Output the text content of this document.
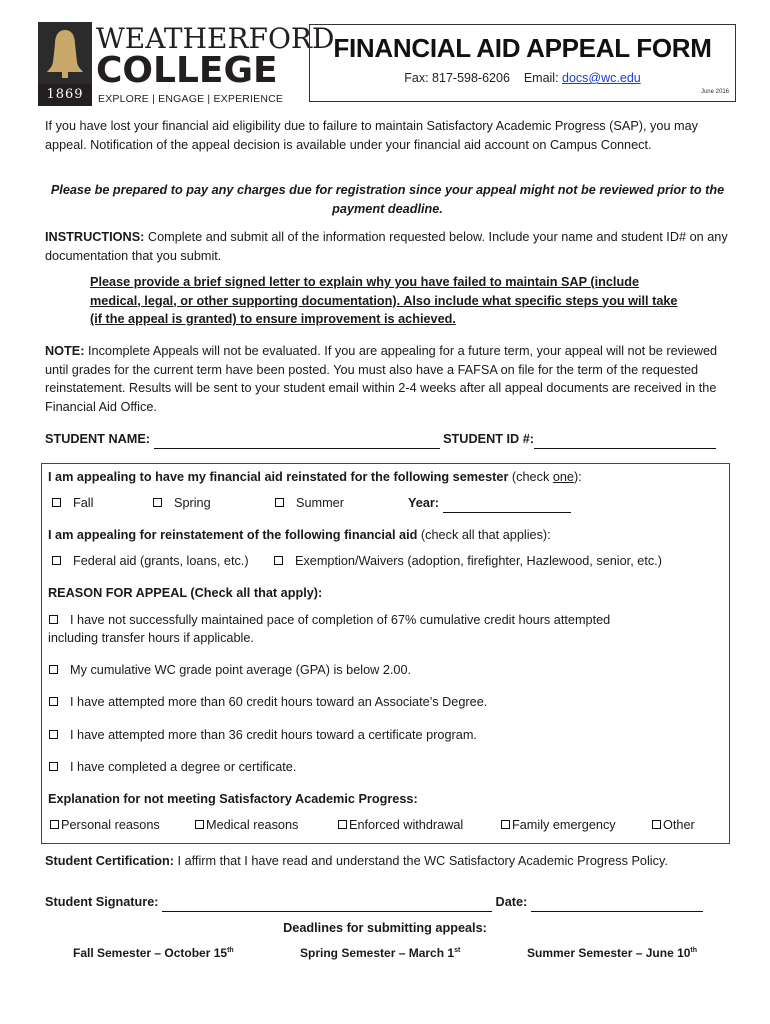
1869
WEATHERFORD
COLLEGE
EXPLORE | ENGAGE | EXPERIENCE
FINANCIAL AID APPEAL FORM
Fax: 817-598-6206 Email: docs@wc.edu
June 2016
If you have lost your financial aid eligibility due to failure to maintain Satisfactory Academic Progress (SAP), you may appeal. Notification of the appeal decision is available under your financial aid account on Campus Connect.
Please be prepared to pay any charges due for registration since your appeal might not be reviewed prior to the payment deadline.
INSTRUCTIONS: Complete and submit all of the information requested below. Include your name and student ID# on any documentation that you submit.
Please provide a brief signed letter to explain why you have failed to maintain SAP (include medical, legal, or other supporting documentation). Also include what specific steps you will take (if the appeal is granted) to ensure improvement is achieved.
NOTE: Incomplete Appeals will not be evaluated. If you are appealing for a future term, your appeal will not be reviewed until grades for the current term have been posted. You must also have a FAFSA on file for the term of the requested reinstatement. Results will be sent to your student email within 2-4 weeks after all appeal documents are received in the Financial Aid Office.
STUDENT NAME:	STUDENT ID #:
I am appealing to have my financial aid reinstated for the following semester (check one):
Fall	Spring	Summer	Year:
I am appealing for reinstatement of the following financial aid (check all that applies):
Federal aid (grants, loans, etc.)	Exemption/Waivers (adoption, firefighter, Hazlewood, senior, etc.)
REASON FOR APPEAL (Check all that apply):
I have not successfully maintained pace of completion of 67% cumulative credit hours attempted
including transfer hours if applicable.
My cumulative WC grade point average (GPA) is below 2.00.
I have attempted more than 60 credit hours toward an Associate’s Degree.
I have attempted more than 36 credit hours toward a certificate program.
I have completed a degree or certificate.
Explanation for not meeting Satisfactory Academic Progress:
Personal reasons	Medical reasons	Enforced withdrawal	Family emergency	Other
Student Certification: I affirm that I have read and understand the WC Satisfactory Academic Progress Policy.
Student Signature:	Date:
Deadlines for submitting appeals:
Fall Semester – October 15th	Spring Semester – March 1st	Summer Semester – June 10th
